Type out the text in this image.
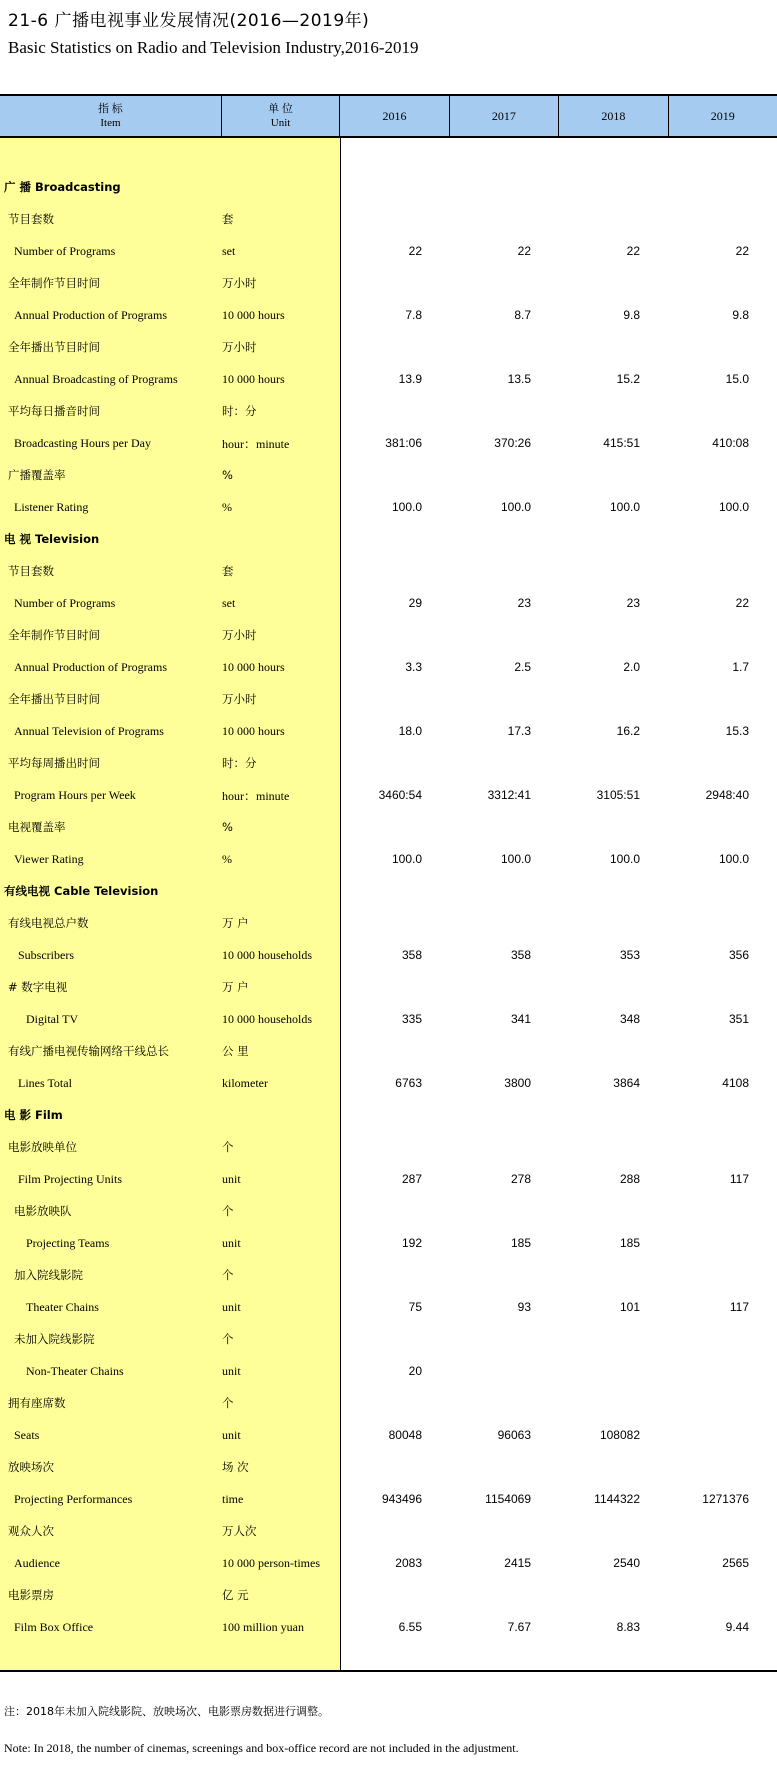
21-6 广播电视事业发展情况(2016—2019年)
Basic Statistics on Radio and Television Industry,2016-2019
指 标
Item
单 位
Unit	2016	2017	2018	2019
广 播 Broadcasting
节目套数	套
Number of Programs	set	22	22	22	22
全年制作节目时间	万小时
Annual Production of Programs	10 000 hours	7.8	8.7	9.8	9.8
全年播出节目时间	万小时
Annual Broadcasting of Programs	10 000 hours	13.9	13.5	15.2	15.0
平均每日播音时间	时：分
Broadcasting Hours per Day	hour：minute	381:06	370:26	415:51	410:08
广播覆盖率	%
Listener Rating	%	100.0	100.0	100.0	100.0
电 视 Television
节目套数	套
Number of Programs	set	29	23	23	22
全年制作节目时间	万小时
Annual Production of Programs	10 000 hours	3.3	2.5	2.0	1.7
全年播出节目时间	万小时
Annual Television of Programs	10 000 hours	18.0	17.3	16.2	15.3
平均每周播出时间	时：分
Program Hours per Week	hour：minute	3460:54	3312:41	3105:51	2948:40
电视覆盖率	%
Viewer Rating	%	100.0	100.0	100.0	100.0
有线电视 Cable Television
有线电视总户数	万 户
Subscribers	10 000 households	358	358	353	356
# 数字电视	万 户
Digital TV	10 000 households	335	341	348	351
有线广播电视传输网络干线总长	公 里
Lines Total	kilometer	6763	3800	3864	4108
电 影 Film
电影放映单位	个
Film Projecting Units	unit	287	278	288	117
电影放映队	个
Projecting Teams	unit	192	185	185
加入院线影院	个
Theater Chains	unit	75	93	101	117
未加入院线影院	个
Non-Theater Chains	unit	20
拥有座席数	个
Seats	unit	80048	96063	108082
放映场次	场 次
Projecting Performances	time	943496	1154069	1144322	1271376
观众人次	万人次
Audience	10 000 person-times	2083	2415	2540	2565
电影票房	亿 元
Film Box Office	100 million yuan	6.55	7.67	8.83	9.44
注：2018年未加入院线影院、放映场次、电影票房数据进行调整。
Note: In 2018, the number of cinemas, screenings and box-office record are not included in the adjustment.
